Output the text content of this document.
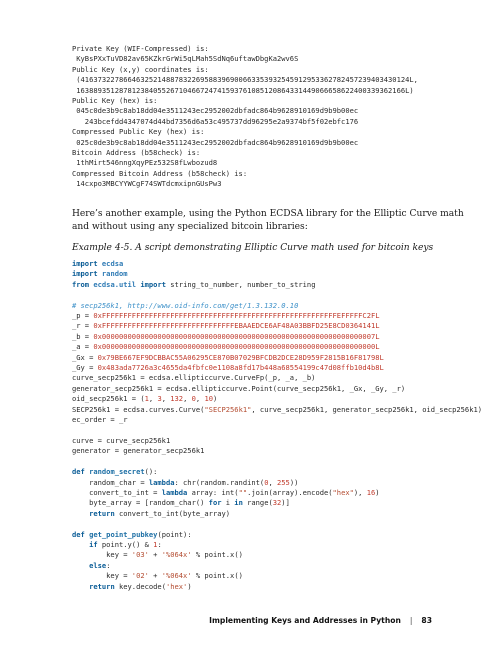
Private Key (WIF-Compressed) is:
KyBsPXxTuVD82av65KZkrGrWi5qLMah5SdNq6uftawDbgKa2wv6S
Public Key (x,y) coordinates is:
(41637322786646325214887832269588396900663353932545912953362782457239403430124L,
16388935128781238405526710466724741593761085120864331449066658622400339362166L)
Public Key (hex) is:
045c0de3b9c8ab18dd04e3511243ec2952002dbfadc864b9628910169d9b9b00ec
243bcefdd4347074d44bd7356d6a53c495737dd96295e2a9374bf5f02ebfc176
Compressed Public Key (hex) is:
025c0de3b9c8ab18dd04e3511243ec2952002dbfadc864b9628910169d9b9b00ec
Bitcoin Address (b58check) is:
1thMirt546nngXqyPEz532S8fLwbozud8
Compressed Bitcoin Address (b58check) is:
14cxpo3MBCYYWCgF74SWTdcmxipnGUsPw3

Here’s another example, using the Python ECDSA library for the Elliptic Curve math and without using any specialized bitcoin libraries:

Example 4-5. A script demonstrating Elliptic Curve math used for bitcoin keys

import ecdsa
import random
from ecdsa.util import string_to_number, number_to_string

# secp256k1, http://www.oid-info.com/get/1.3.132.0.10
_p = 0xFFFFFFFFFFFFFFFFFFFFFFFFFFFFFFFFFFFFFFFFFFFFFFFFFFFFFFFEFFFFFC2FL
_r = 0xFFFFFFFFFFFFFFFFFFFFFFFFFFFFFFFEBAAEDCE6AF48A03BBFD25E8CD0364141L
_b = 0x0000000000000000000000000000000000000000000000000000000000000007L
_a = 0x0000000000000000000000000000000000000000000000000000000000000000L
_Gx = 0x79BE667EF9DCBBAC55A06295CE870B07029BFCDB2DCE28D959F2815B16F81798L
_Gy = 0x483ada7726a3c4655da4fbfc0e1108a8fd17b448a68554199c47d08ffb10d4b8L
curve_secp256k1 = ecdsa.ellipticcurve.CurveFp(_p, _a, _b)
generator_secp256k1 = ecdsa.ellipticcurve.Point(curve_secp256k1, _Gx, _Gy, _r)
oid_secp256k1 = (1, 3, 132, 0, 10)
SECP256k1 = ecdsa.curves.Curve("SECP256k1", curve_secp256k1, generator_secp256k1, oid_secp256k1)
ec_order = _r

curve = curve_secp256k1
generator = generator_secp256k1

def random_secret():
random_char = lambda: chr(random.randint(0, 255))
convert_to_int = lambda array: int("".join(array).encode("hex"), 16)
byte_array = [random_char() for i in range(32)]
return convert_to_int(byte_array)

def get_point_pubkey(point):
if point.y() & 1:
key = '03' + '%064x' % point.x()
else:
key = '02' + '%064x' % point.x()
return key.decode('hex')
Implementing Keys and Addresses in Python | 83
